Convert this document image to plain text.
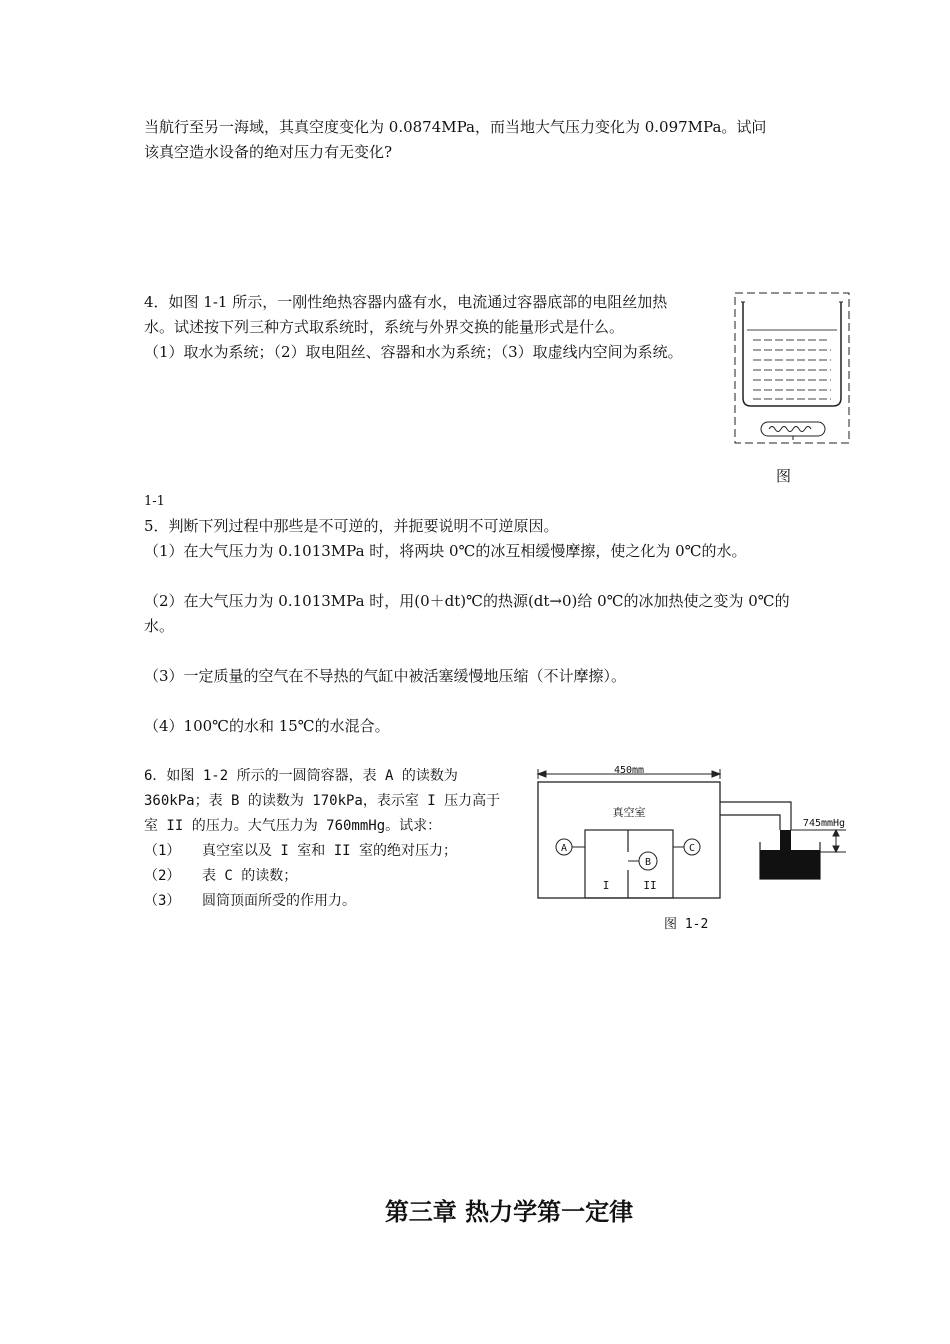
当航行至另一海域，其真空度变化为 0.0874MPa，而当地大气压力变化为 0.097MPa。试问
该真空造水设备的绝对压力有无变化?
4．如图 1-1 所示，一刚性绝热容器内盛有水，电流通过容器底部的电阻丝加热
水。试述按下列三种方式取系统时，系统与外界交换的能量形式是什么。
（1）取水为系统；（2）取电阻丝、容器和水为系统；（3）取虚线内空间为系统。
图
1-1
5．判断下列过程中那些是不可逆的，并扼要说明不可逆原因。
（1）在大气压力为 0.1013MPa 时，将两块 0℃的冰互相缓慢摩擦，使之化为 0℃的水。
（2）在大气压力为 0.1013MPa 时，用(0＋dt)℃的热源(dt→0)给 0℃的冰加热使之变为 0℃的
水。
（3）一定质量的空气在不导热的气缸中被活塞缓慢地压缩（不计摩擦）。
（4）100℃的水和 15℃的水混合。
6．如图 1-2 所示的一圆筒容器，表 A 的读数为
360kPa；表 B 的读数为 170kPa，表示室 I 压力高于
室 II 的压力。大气压力为 760mmHg。试求：
（1） 真空室以及 I 室和 II 室的绝对压力；
（2） 表 C 的读数；
（3） 圆筒顶面所受的作用力。
450mm
真空室
I	II
A
B
C
745mmHg
图 1-2
第三章 热力学第一定律
